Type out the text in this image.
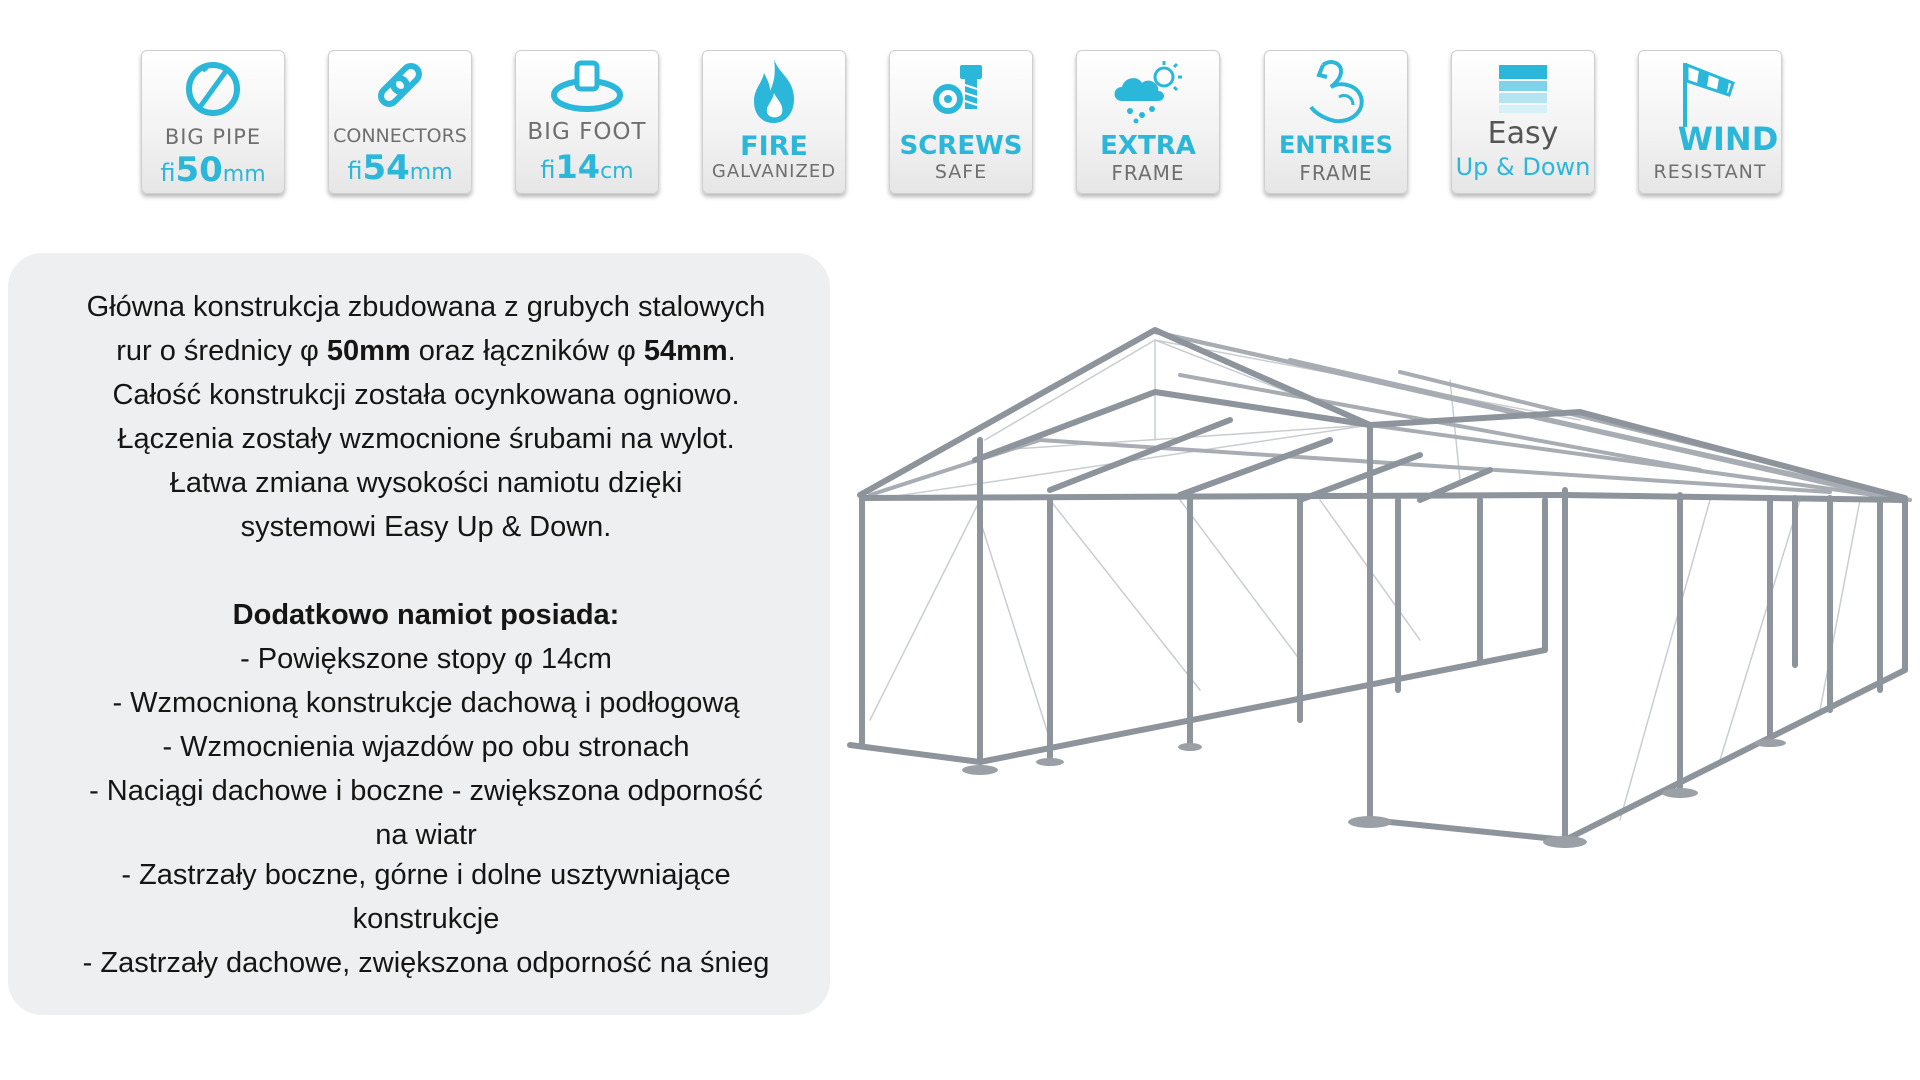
BIG PIPE
fi50mm
CONNECTORS
fi54mm
BIG FOOT
fi14cm
FIRE
GALVANIZED
SCREWS
SAFE
EXTRA
FRAME
ENTRIES
FRAME
Easy
Up & Down
WIND
RESISTANT

Główna konstrukcja zbudowana z grubych stalowych

rur o średnicy φ 50mm oraz łączników φ 54mm.

Całość konstrukcji została ocynkowana ogniowo.

Łączenia zostały wzmocnione śrubami na wylot.

Łatwa zmiana wysokości namiotu dzięki

systemowi Easy Up & Down.

Dodatkowo namiot posiada:

- Powiększone stopy φ 14cm

- Wzmocnioną konstrukcje dachową i podłogową

- Wzmocnienia wjazdów po obu stronach

- Naciągi dachowe i boczne - zwiększona odporność

na wiatr

- Zastrzały boczne, górne i dolne usztywniające

konstrukcje

- Zastrzały dachowe, zwiększona odporność na śnieg
